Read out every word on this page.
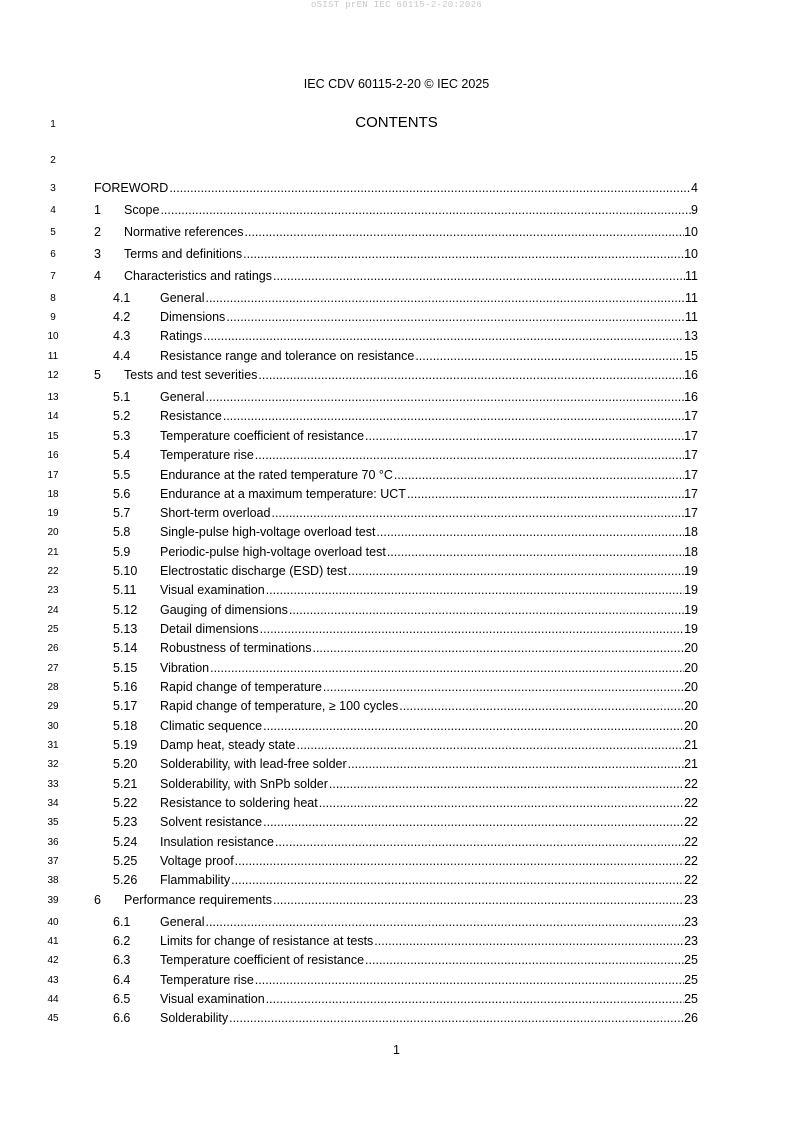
oSIST prEN IEC 60115-2-20:2026
IEC CDV 60115-2-20 © IEC 2025
1	CONTENTS
2
3	FOREWORD .....	4
4	1 Scope .....	9
5	2 Normative references .....	10
6	3 Terms and definitions .....	10
7	4 Characteristics and ratings .....	11
8	4.1 General .....	11
9	4.2 Dimensions .....	11
10	4.3 Ratings .....	13
11	4.4 Resistance range and tolerance on resistance .....	15
12	5 Tests and test severities .....	16
13	5.1 General .....	16
14	5.2 Resistance .....	17
15	5.3 Temperature coefficient of resistance .....	17
16	5.4 Temperature rise .....	17
17	5.5 Endurance at the rated temperature 70 °C .....	17
18	5.6 Endurance at a maximum temperature: UCT .....	17
19	5.7 Short-term overload .....	17
20	5.8 Single-pulse high-voltage overload test .....	18
21	5.9 Periodic-pulse high-voltage overload test .....	18
22	5.10 Electrostatic discharge (ESD) test .....	19
23	5.11 Visual examination .....	19
24	5.12 Gauging of dimensions .....	19
25	5.13 Detail dimensions .....	19
26	5.14 Robustness of terminations .....	20
27	5.15 Vibration .....	20
28	5.16 Rapid change of temperature .....	20
29	5.17 Rapid change of temperature, ≥ 100 cycles .....	20
30	5.18 Climatic sequence .....	20
31	5.19 Damp heat, steady state .....	21
32	5.20 Solderability, with lead-free solder .....	21
33	5.21 Solderability, with SnPb solder .....	22
34	5.22 Resistance to soldering heat .....	22
35	5.23 Solvent resistance .....	22
36	5.24 Insulation resistance .....	22
37	5.25 Voltage proof .....	22
38	5.26 Flammability .....	22
39	6 Performance requirements .....	23
40	6.1 General .....	23
41	6.2 Limits for change of resistance at tests .....	23
42	6.3 Temperature coefficient of resistance .....	25
43	6.4 Temperature rise .....	25
44	6.5 Visual examination .....	25
45	6.6 Solderability .....	26
1
